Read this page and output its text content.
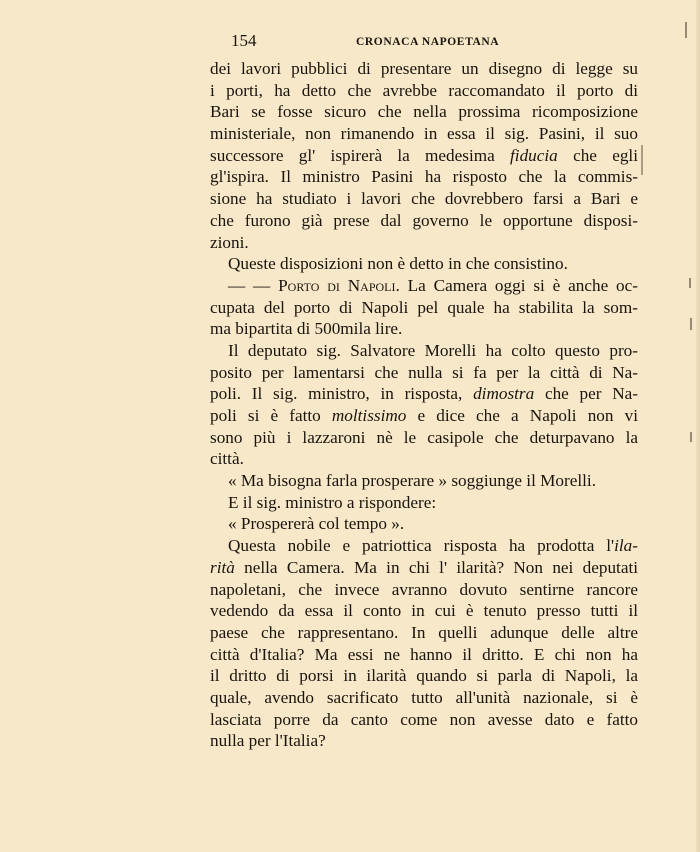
154	CRONACA NAPOETANA
dei lavori pubblici di presentare un disegno di legge su
i porti, ha detto che avrebbe raccomandato il porto di
Bari se fosse sicuro che nella prossima ricomposizione
ministeriale, non rimanendo in essa il sig. Pasini, il suo
successore gl' ispirerà la medesima fiducia che egli
gl'ispira. Il ministro Pasini ha risposto che la commis-
sione ha studiato i lavori che dovrebbero farsi a Bari e
che furono già prese dal governo le opportune disposi-
zioni.
Queste disposizioni non è detto in che consistino.
— — Porto di Napoli. La Camera oggi si è anche oc-
cupata del porto di Napoli pel quale ha stabilita la som-
ma bipartita di 500mila lire.
Il deputato sig. Salvatore Morelli ha colto questo pro-
posito per lamentarsi che nulla si fa per la città di Na-
poli. Il sig. ministro, in risposta, dimostra che per Na-
poli si è fatto moltissimo e dice che a Napoli non vi
sono più i lazzaroni nè le casipole che deturpavano la
città.
« Ma bisogna farla prosperare » soggiunge il Morelli.
E il sig. ministro a rispondere:
« Prospererà col tempo ».
Questa nobile e patriottica risposta ha prodotta l'ila-
rità nella Camera. Ma in chi l' ilarità? Non nei deputati
napoletani, che invece avranno dovuto sentirne rancore
vedendo da essa il conto in cui è tenuto presso tutti il
paese che rappresentano. In quelli adunque delle altre
città d'Italia? Ma essi ne hanno il dritto. E chi non ha
il dritto di porsi in ilarità quando si parla di Napoli, la
quale, avendo sacrificato tutto all'unità nazionale, si è
lasciata porre da canto come non avesse dato e fatto
nulla per l'Italia?
